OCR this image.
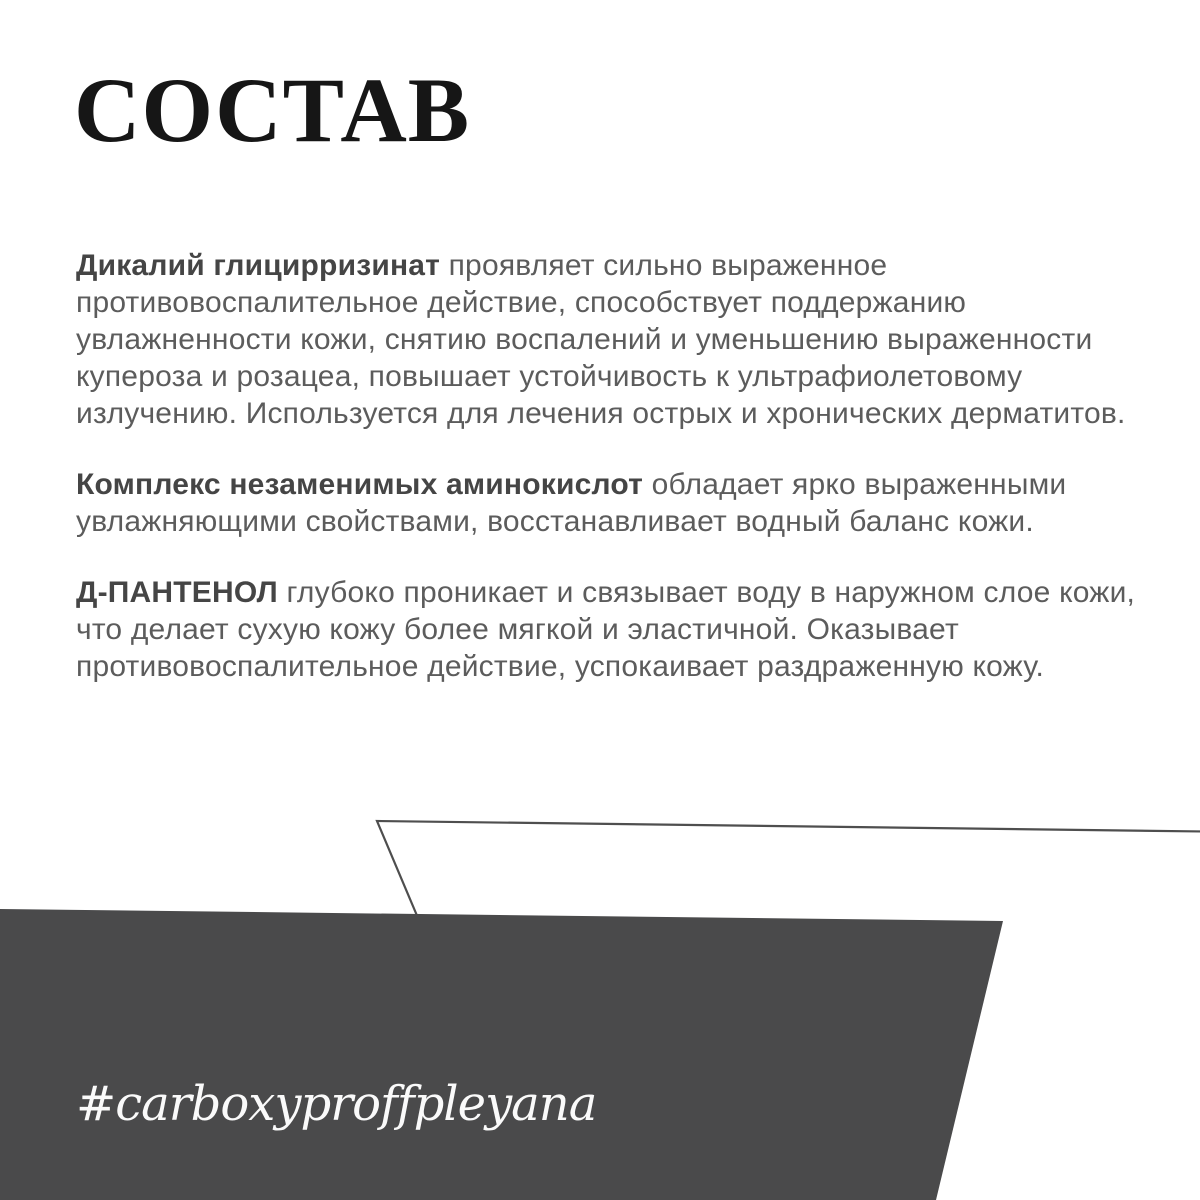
СОСТАВ
Дикалий глицирризинат проявляет сильно выраженное
противовоспалительное действие, способствует поддержанию
увлажненности кожи, снятию воспалений и уменьшению выраженности
купероза и розацеа, повышает устойчивость к ультрафиолетовому
излучению. Используется для лечения острых и хронических дерматитов.
Комплекс незаменимых аминокислот обладает ярко выраженными
увлажняющими свойствами, восстанавливает водный баланс кожи.
Д-ПАНТЕНОЛ глубоко проникает и связывает воду в наружном слое кожи,
что делает сухую кожу более мягкой и эластичной. Оказывает
противовоспалительное действие, успокаивает раздраженную кожу.
#carboxyproffpleyana
